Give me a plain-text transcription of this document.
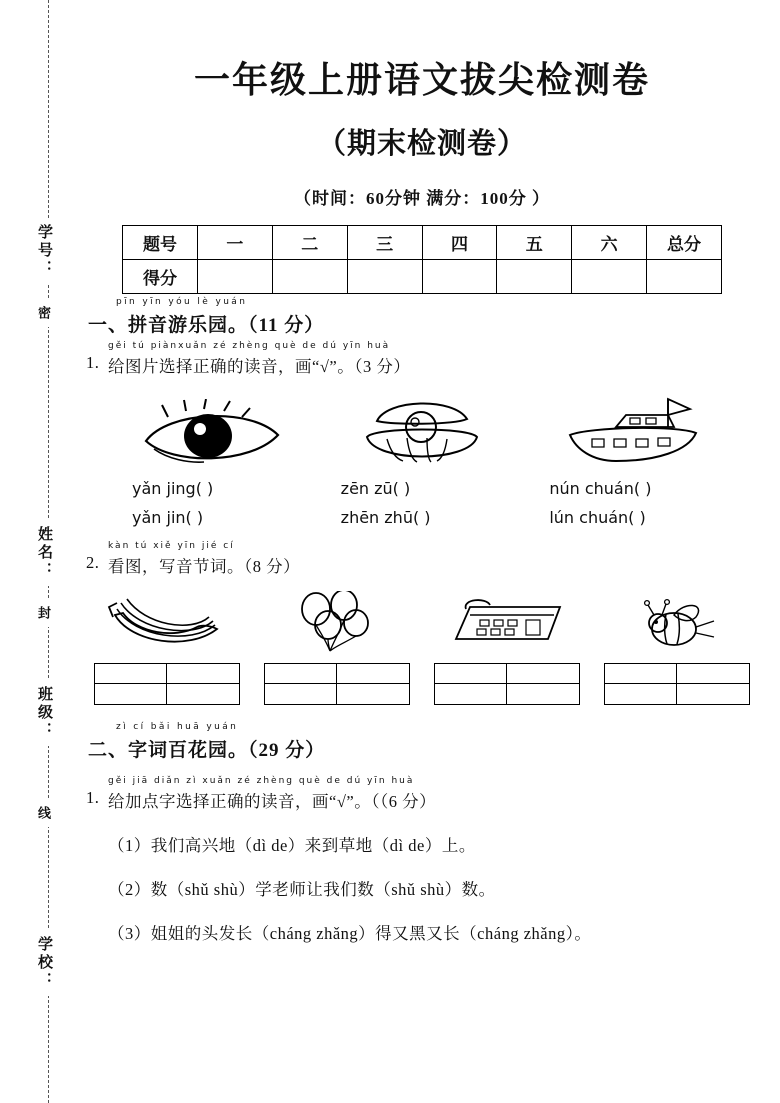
学号：
密
姓名：
封
班级：
线
学校：
一年级上册语文拔尖检测卷
（期末检测卷）
（时间：60分钟 满分：100分 ）
题号	一	二	三	四	五	六	总分
得分							
pīn yīn yóu lè yuán
一、拼音游乐园。（11 分）
1.
gěi tú piànxuǎn zé zhèng què de dú yīn huà
给图片选择正确的读音，画“√”。（3 分）
yǎn jing( )	zēn zū( )	nún chuán( )
yǎn jin( )	zhēn zhū( )	lún chuán( )
2.
kàn tú xiě yīn jié cí
看图，写音节词。（8 分）
zì cí bǎi huā yuán
二、字词百花园。（29 分）
1.
gěi jiā diǎn zì xuǎn zé zhèng què de dú yīn huà
给加点字选择正确的读音，画“√”。（（6 分）
（1）我们高兴地（dì de）来到草地（dì de）上。
（2）数（shǔ shù）学老师让我们数（shǔ shù）数。
（3）姐姐的头发长（cháng zhǎng）得又黑又长（cháng zhǎng）。
